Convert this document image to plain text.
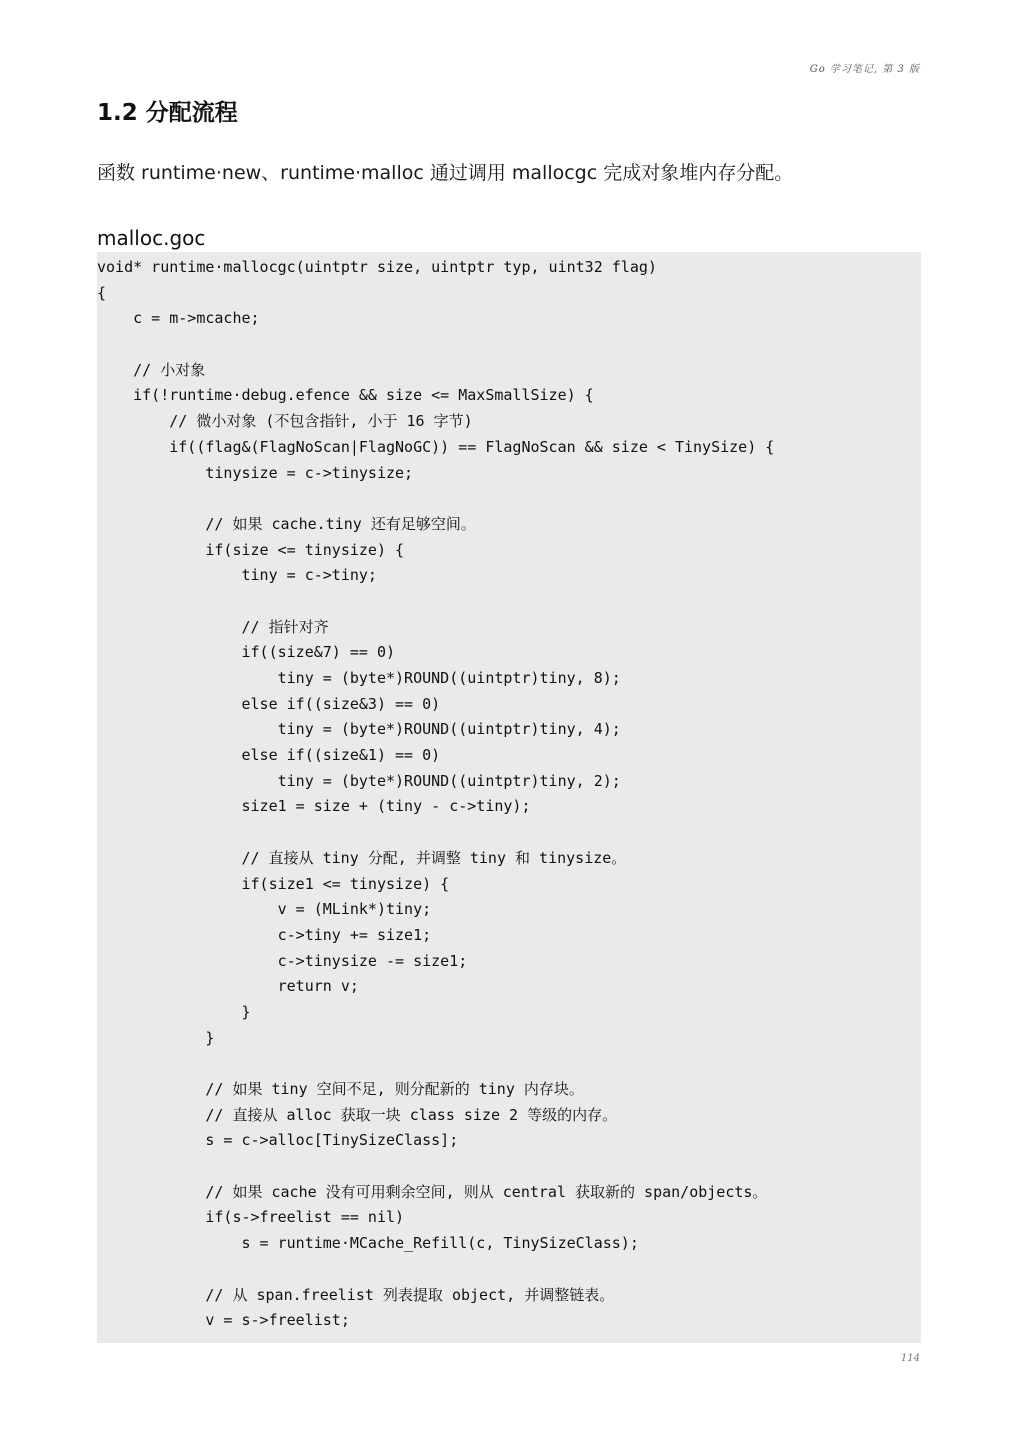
Go 学习笔记, 第 3 版
1.2 分配流程

函数 runtime·new、runtime·malloc 通过调用 mallocgc 完成对象堆内存分配。

malloc.goc
void* runtime·mallocgc(uintptr size, uintptr typ, uint32 flag)
{
c = m->mcache;
// 小对象
if(!runtime·debug.efence && size <= MaxSmallSize) {
// 微小对象 (不包含指针, 小于 16 字节)
if((flag&(FlagNoScan|FlagNoGC)) == FlagNoScan && size < TinySize) {
tinysize = c->tinysize;
// 如果 cache.tiny 还有足够空间。
if(size <= tinysize) {
tiny = c->tiny;
// 指针对齐
if((size&7) == 0)
tiny = (byte*)ROUND((uintptr)tiny, 8);
else if((size&3) == 0)
tiny = (byte*)ROUND((uintptr)tiny, 4);
else if((size&1) == 0)
tiny = (byte*)ROUND((uintptr)tiny, 2);
size1 = size + (tiny - c->tiny);
// 直接从 tiny 分配, 并调整 tiny 和 tinysize。
if(size1 <= tinysize) {
v = (MLink*)tiny;
c->tiny += size1;
c->tinysize -= size1;
return v;
}
}
// 如果 tiny 空间不足, 则分配新的 tiny 内存块。
// 直接从 alloc 获取一块 class size 2 等级的内存。
s = c->alloc[TinySizeClass];
// 如果 cache 没有可用剩余空间, 则从 central 获取新的 span/objects。
if(s->freelist == nil)
s = runtime·MCache_Refill(c, TinySizeClass);
// 从 span.freelist 列表提取 object, 并调整链表。
v = s->freelist;
114
